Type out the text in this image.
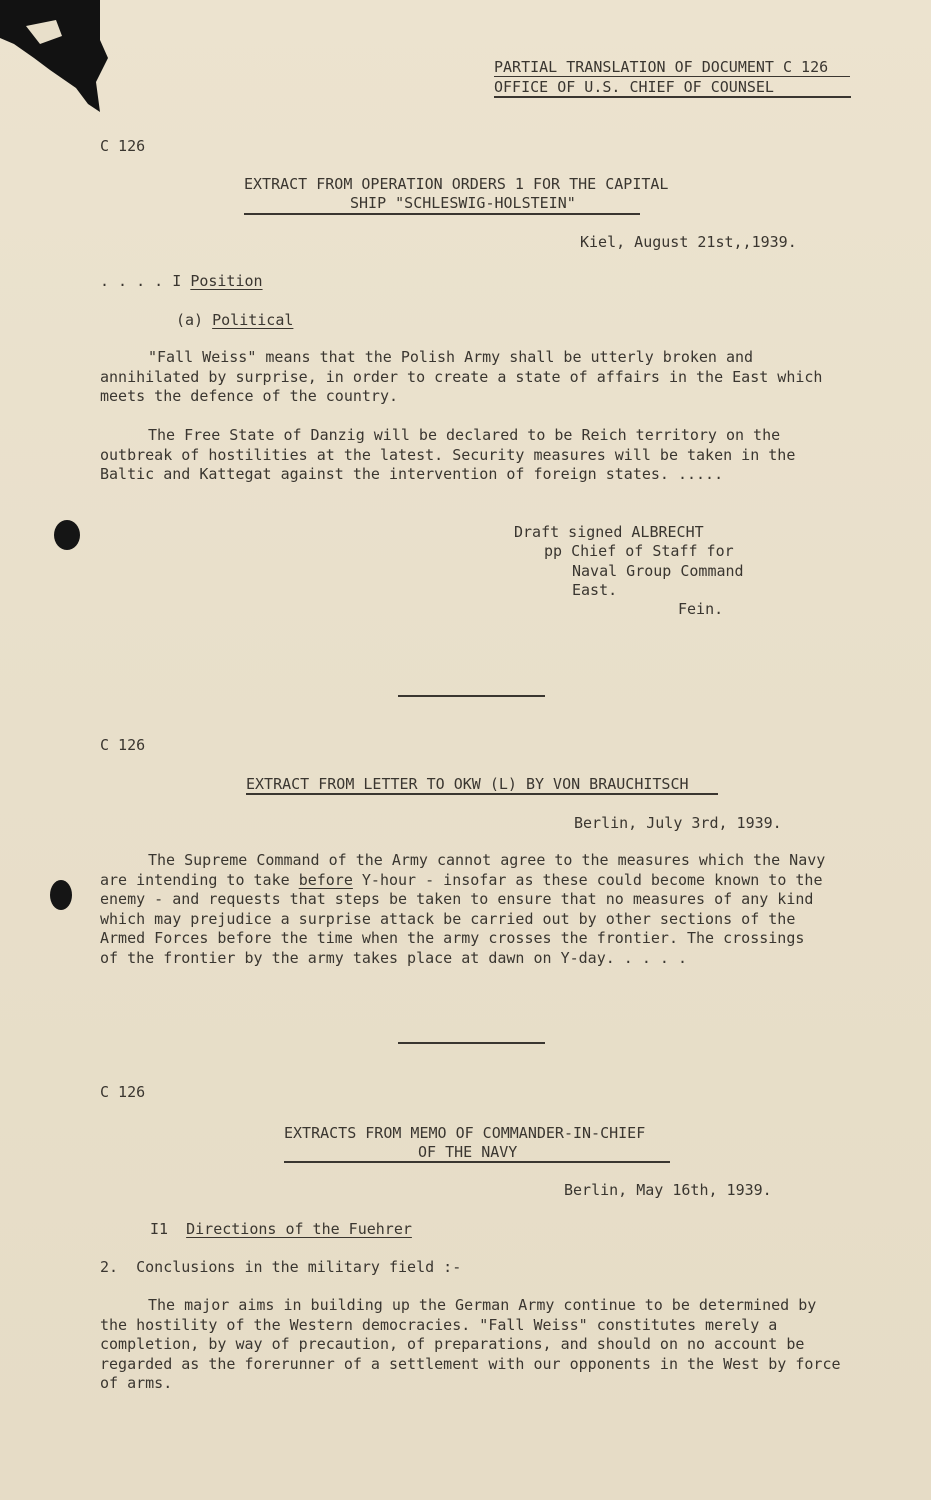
PARTIAL TRANSLATION OF DOCUMENT C 126
OFFICE OF U.S. CHIEF OF COUNSEL
C 126
EXTRACT FROM OPERATION ORDERS 1 FOR THE CAPITAL
SHIP "SCHLESWIG-HOLSTEIN"
Kiel, August 21st,,1939.
. . . . I Position
(a) Political
"Fall Weiss" means that the Polish Army shall be utterly broken and annihilated by surprise, in order to create a state of affairs in the East which meets the defence of the country.
The Free State of Danzig will be declared to be Reich territory on the outbreak of hostilities at the latest. Security measures will be taken in the Baltic and Kattegat against the intervention of foreign states. .....
Draft signed ALBRECHT
pp Chief of Staff for
Naval Group Command
East.
Fein.
C 126
EXTRACT FROM LETTER TO OKW (L) BY VON BRAUCHITSCH
Berlin, July 3rd, 1939.
The Supreme Command of the Army cannot agree to the measures which the Navy are intending to take before Y-hour - insofar as these could become known to the enemy - and requests that steps be taken to ensure that no measures of any kind which may prejudice a surprise attack be carried out by other sections of the Armed Forces before the time when the army crosses the frontier. The crossings of the frontier by the army takes place at dawn on Y-day. . . . .
C 126
EXTRACTS FROM MEMO OF COMMANDER-IN-CHIEF
OF THE NAVY
Berlin, May 16th, 1939.
I1 Directions of the Fuehrer
2.  Conclusions in the military field :-
The major aims in building up the German Army continue to be determined by the hostility of the Western democracies. "Fall Weiss" constitutes merely a completion, by way of precaution, of preparations, and should on no account be regarded as the forerunner of a settlement with our opponents in the West by force of arms.
